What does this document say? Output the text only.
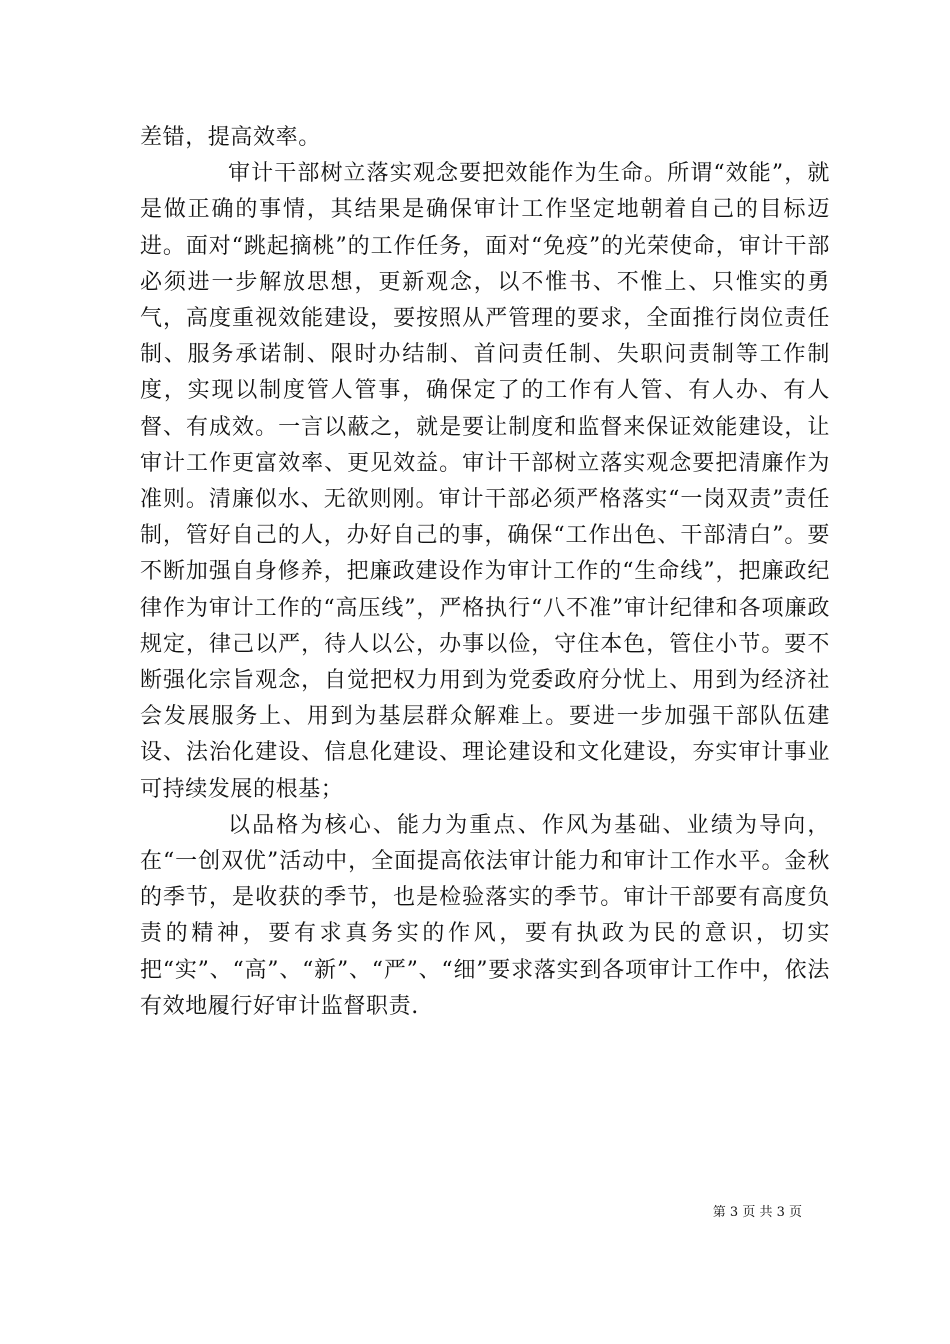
差错，提高效率。

审计干部树立落实观念要把效能作为生命。所谓“效能”，就是做正确的事情，其结果是确保审计工作坚定地朝着自己的目标迈进。面对“跳起摘桃”的工作任务，面对“免疫”的光荣使命，审计干部必须进一步解放思想，更新观念，以不惟书、不惟上、只惟实的勇气，高度重视效能建设，要按照从严管理的要求，全面推行岗位责任制、服务承诺制、限时办结制、首问责任制、失职问责制等工作制度，实现以制度管人管事，确保定了的工作有人管、有人办、有人督、有成效。一言以蔽之，就是要让制度和监督来保证效能建设，让审计工作更富效率、更见效益。审计干部树立落实观念要把清廉作为准则。清廉似水、无欲则刚。审计干部必须严格落实“一岗双责”责任制，管好自己的人，办好自己的事，确保“工作出色、干部清白”。要不断加强自身修养，把廉政建设作为审计工作的“生命线”，把廉政纪律作为审计工作的“高压线”，严格执行“八不准”审计纪律和各项廉政规定，律己以严，待人以公，办事以俭，守住本色，管住小节。要不断强化宗旨观念，自觉把权力用到为党委政府分忧上、用到为经济社会发展服务上、用到为基层群众解难上。要进一步加强干部队伍建设、法治化建设、信息化建设、理论建设和文化建设，夯实审计事业可持续发展的根基；

以品格为核心、能力为重点、作风为基础、业绩为导向，在“一创双优”活动中，全面提高依法审计能力和审计工作水平。金秋的季节，是收获的季节，也是检验落实的季节。审计干部要有高度负责的精神，要有求真务实的作风，要有执政为民的意识，切实把“实”、“高”、“新”、“严”、“细”要求落实到各项审计工作中，依法有效地履行好审计监督职责.

第 3 页 共 3 页
